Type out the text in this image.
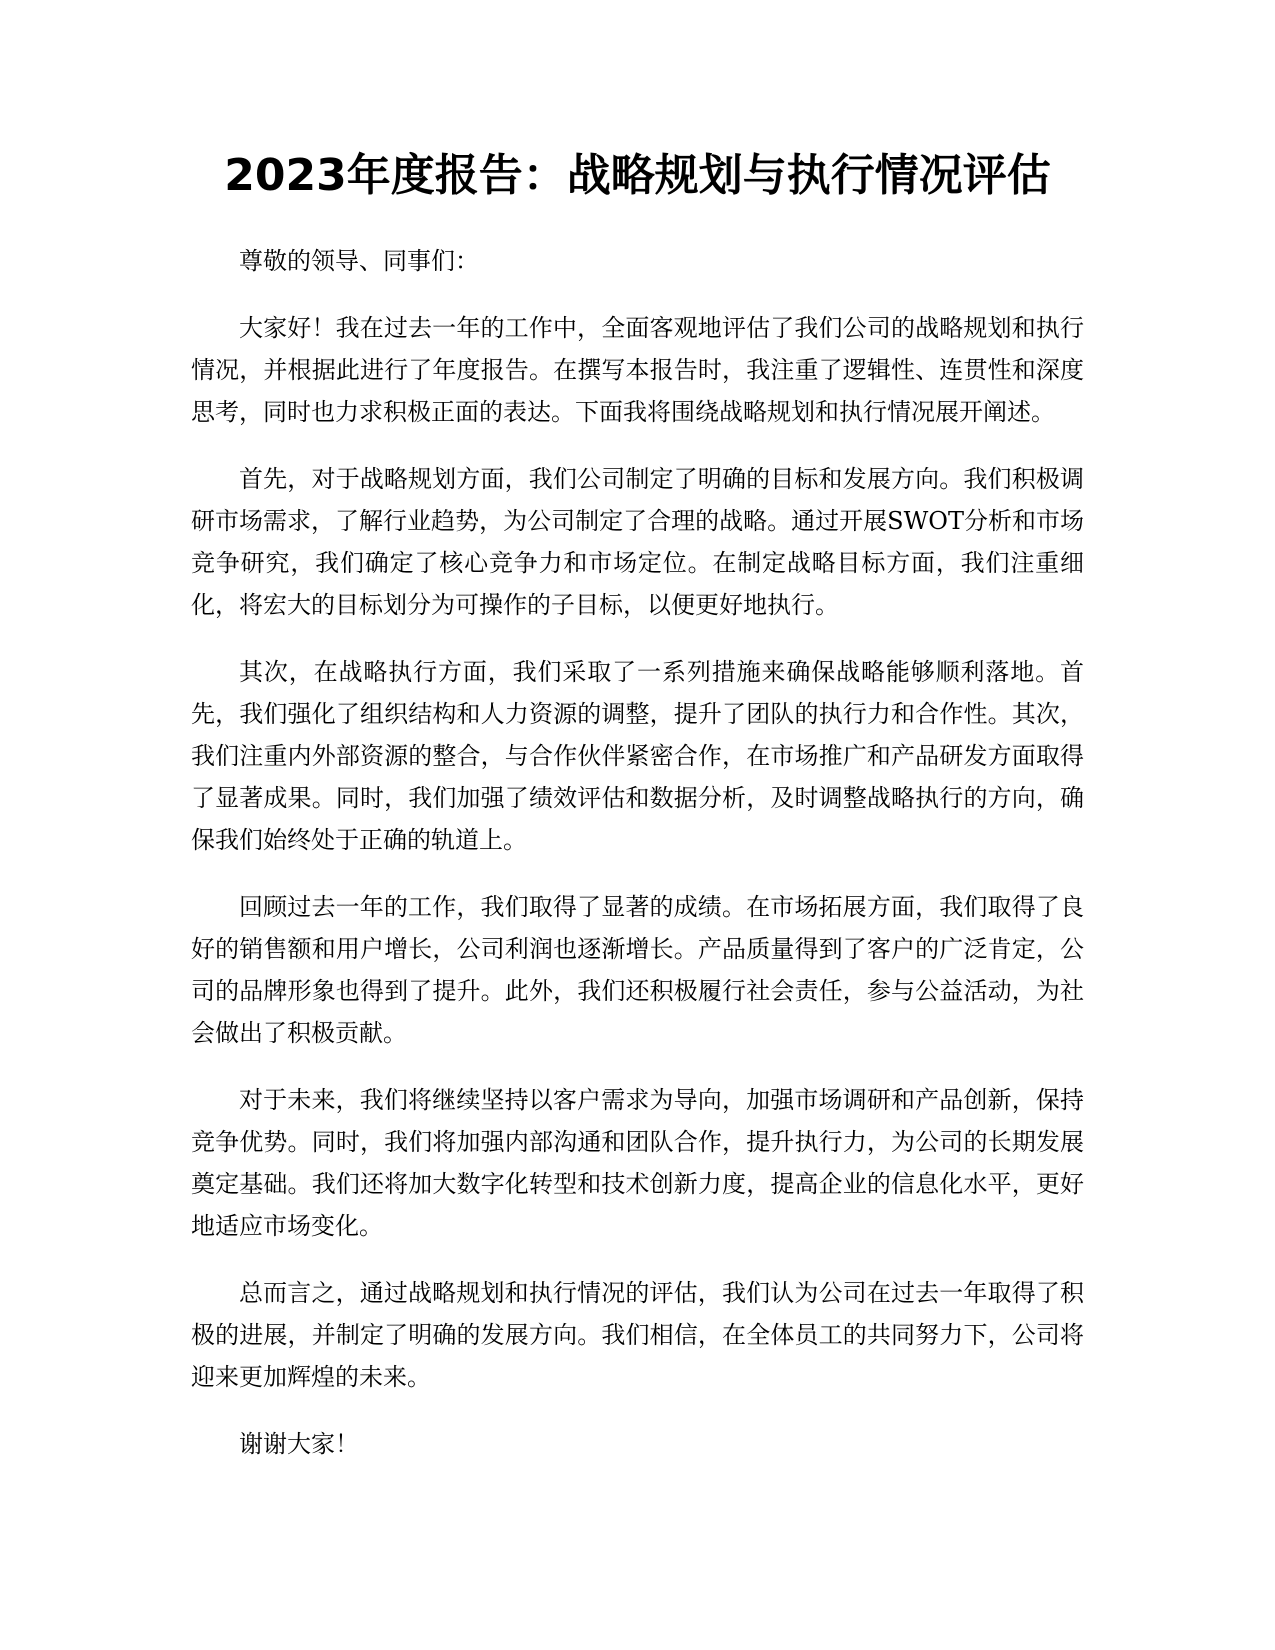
2023年度报告：战略规划与执行情况评估

尊敬的领导、同事们：

大家好！我在过去一年的工作中，全面客观地评估了我们公司的战略规划和执行情况，并根据此进行了年度报告。在撰写本报告时，我注重了逻辑性、连贯性和深度思考，同时也力求积极正面的表达。下面我将围绕战略规划和执行情况展开阐述。

首先，对于战略规划方面，我们公司制定了明确的目标和发展方向。我们积极调研市场需求，了解行业趋势，为公司制定了合理的战略。通过开展SWOT分析和市场竞争研究，我们确定了核心竞争力和市场定位。在制定战略目标方面，我们注重细化，将宏大的目标划分为可操作的子目标，以便更好地执行。

其次，在战略执行方面，我们采取了一系列措施来确保战略能够顺利落地。首先，我们强化了组织结构和人力资源的调整，提升了团队的执行力和合作性。其次，我们注重内外部资源的整合，与合作伙伴紧密合作，在市场推广和产品研发方面取得了显著成果。同时，我们加强了绩效评估和数据分析，及时调整战略执行的方向，确保我们始终处于正确的轨道上。

回顾过去一年的工作，我们取得了显著的成绩。在市场拓展方面，我们取得了良好的销售额和用户增长，公司利润也逐渐增长。产品质量得到了客户的广泛肯定，公司的品牌形象也得到了提升。此外，我们还积极履行社会责任，参与公益活动，为社会做出了积极贡献。

对于未来，我们将继续坚持以客户需求为导向，加强市场调研和产品创新，保持竞争优势。同时，我们将加强内部沟通和团队合作，提升执行力，为公司的长期发展奠定基础。我们还将加大数字化转型和技术创新力度，提高企业的信息化水平，更好地适应市场变化。

总而言之，通过战略规划和执行情况的评估，我们认为公司在过去一年取得了积极的进展，并制定了明确的发展方向。我们相信，在全体员工的共同努力下，公司将迎来更加辉煌的未来。

谢谢大家！
